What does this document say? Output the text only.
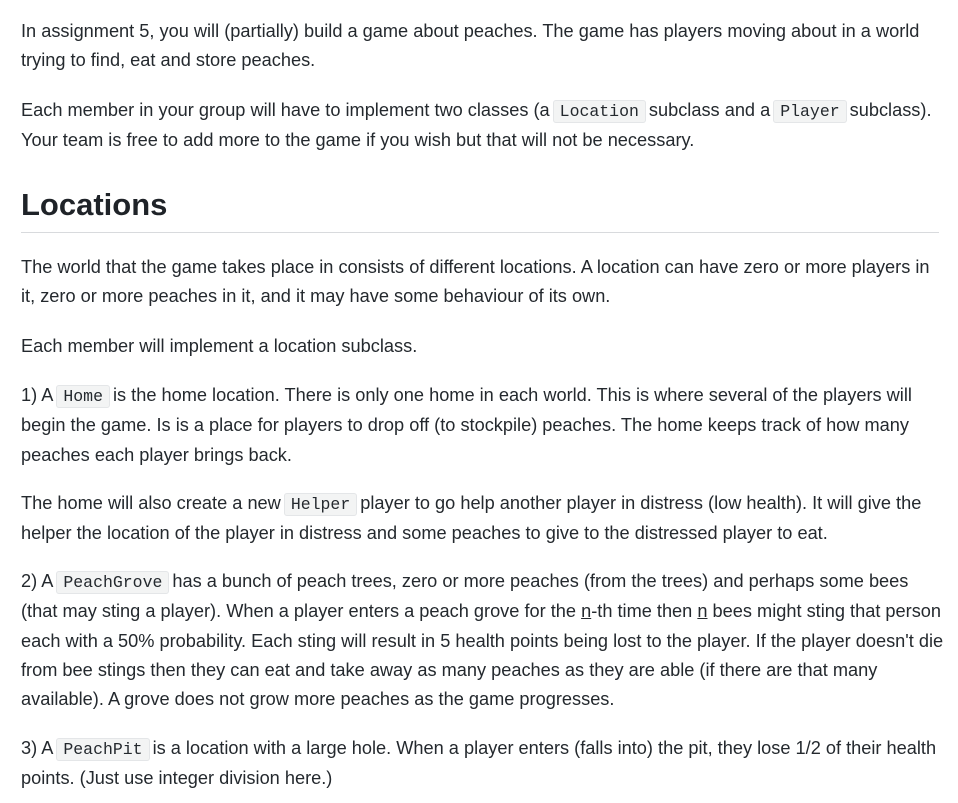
In assignment 5, you will (partially) build a game about peaches. The game has players moving about in a world trying to find, eat and store peaches.

Each member in your group will have to implement two classes (a Location subclass and a Player subclass). Your team is free to add more to the game if you wish but that will not be necessary.

Locations

The world that the game takes place in consists of different locations. A location can have zero or more players in it, zero or more peaches in it, and it may have some behaviour of its own.

Each member will implement a location subclass.

1) A Home is the home location. There is only one home in each world. This is where several of the players will begin the game. Is is a place for players to drop off (to stockpile) peaches. The home keeps track of how many peaches each player brings back.

The home will also create a new Helper player to go help another player in distress (low health). It will give the helper the location of the player in distress and some peaches to give to the distressed player to eat.

2) A PeachGrove has a bunch of peach trees, zero or more peaches (from the trees) and perhaps some bees (that may sting a player). When a player enters a peach grove for the n-th time then n bees might sting that person each with a 50% probability. Each sting will result in 5 health points being lost to the player. If the player doesn't die from bee stings then they can eat and take away as many peaches as they are able (if there are that many available). A grove does not grow more peaches as the game progresses.

3) A PeachPit is a location with a large hole. When a player enters (falls into) the pit, they lose 1/2 of their health points. (Just use integer division here.)
